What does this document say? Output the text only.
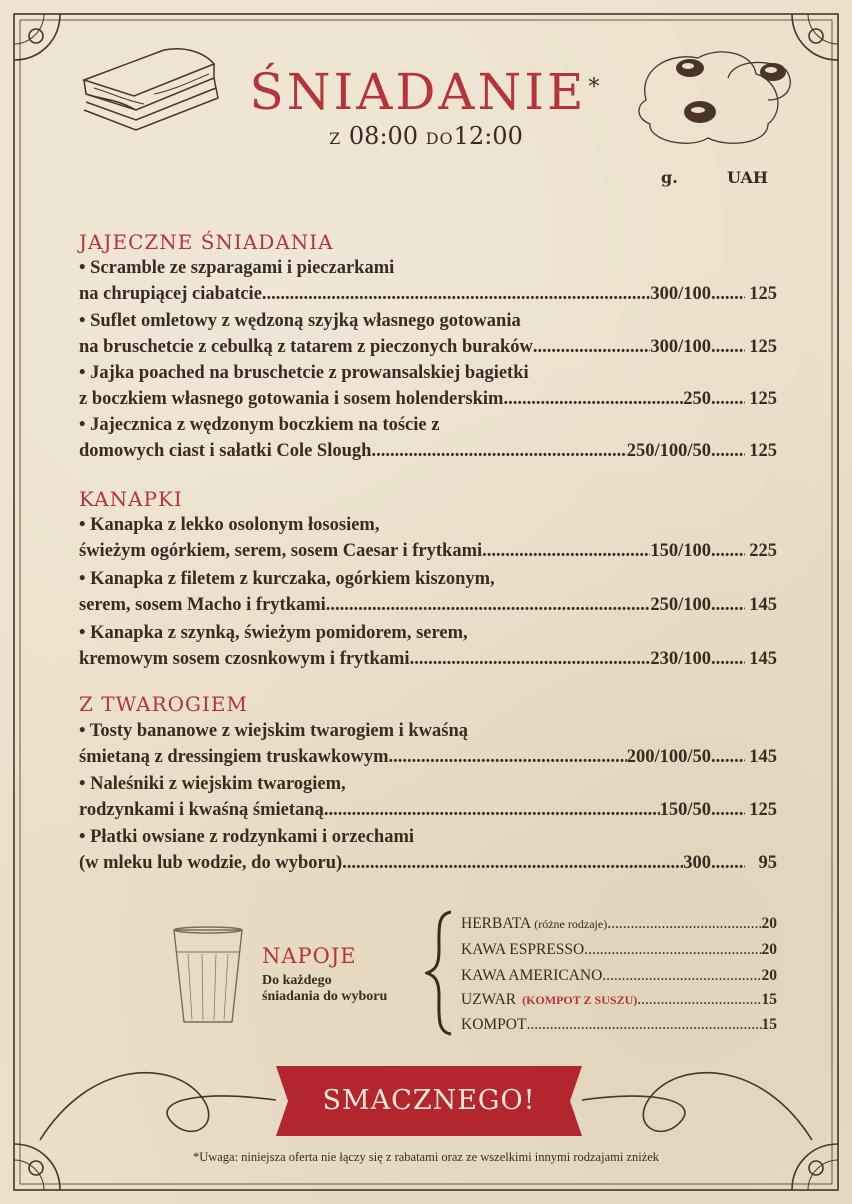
ŚNIADANIE*
Z 08:00 DO12:00
g.	UAH
JAJECZNE ŚNIADANIA
• Scramble ze szparagami i pieczarkami
na chrupiącej ciabatcie .....	300/100 ..... 125
• Suflet omletowy z wędzoną szyjką własnego gotowania
na bruschetcie z cebulką z tatarem z pieczonych buraków .....	300/100 ..... 125
• Jajka poached na bruschetcie z prowansalskiej bagietki
z boczkiem własnego gotowania i sosem holenderskim .....	250 ..... 125
• Jajecznica z wędzonym boczkiem na toście z
domowych ciast i sałatki Cole Slough .....	250/100/50 ..... 125
KANAPKI
• Kanapka z lekko osolonym łososiem,
świeżym ogórkiem, serem, sosem Caesar i frytkami .....	150/100 ..... 225
• Kanapka z filetem z kurczaka, ogórkiem kiszonym,
serem, sosem Macho i frytkami .....	250/100 ..... 145
• Kanapka z szynką, świeżym pomidorem, serem,
kremowym sosem czosnkowym i frytkami .....	230/100 ..... 145
Z TWAROGIEM
• Tosty bananowe z wiejskim twarogiem i kwaśną
śmietaną z dressingiem truskawkowym .....	200/100/50 ..... 145
• Naleśniki z wiejskim twarogiem,
rodzynkami i kwaśną śmietaną .....	150/50 ..... 125
• Płatki owsiane z rodzynkami i orzechami
(w mleku lub wodzie, do wyboru) .....	300 .....	95
NAPOJE
Do każdego
śniadania do wyboru
HERBATA (różne rodzaje) .....	20
KAWA ESPRESSO .....	20
KAWA AMERICANO .....	20
UZWAR (KOMPOT Z SUSZU) .....	15
KOMPOT .....	15
SMACZNEGO!
*Uwaga: niniejsza oferta nie łączy się z rabatami oraz ze wszelkimi innymi rodzajami zniżek
